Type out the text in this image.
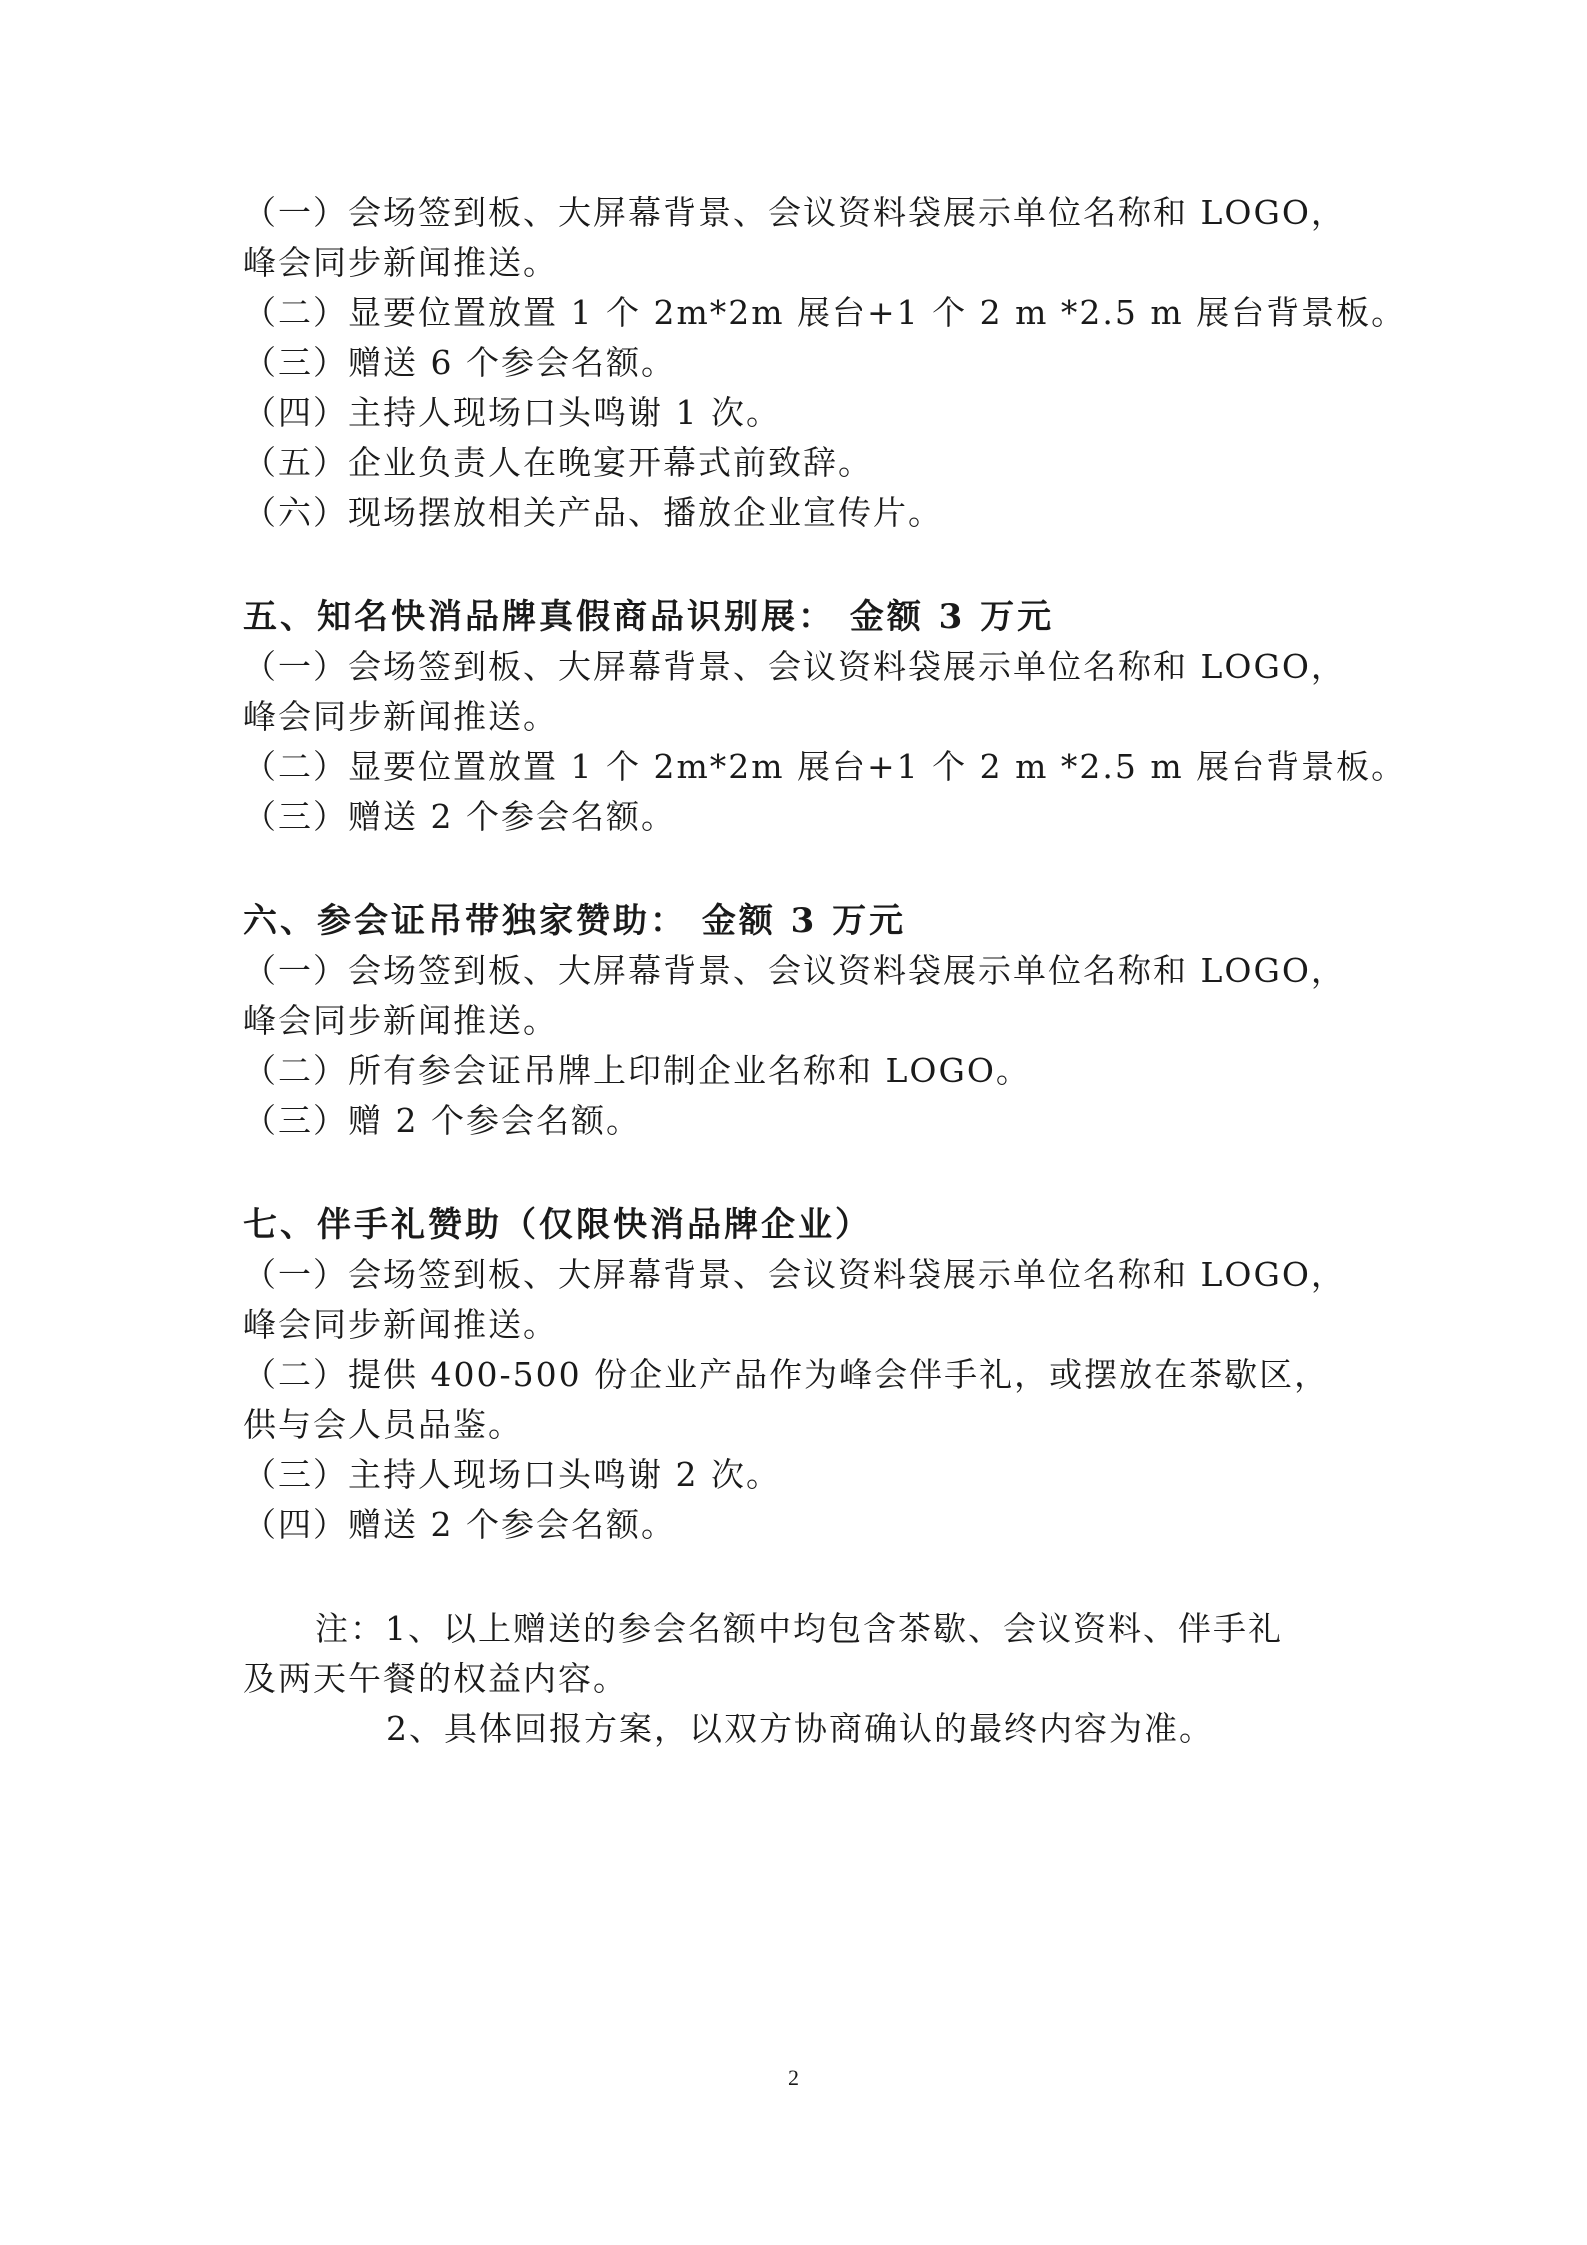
（一）会场签到板、大屏幕背景、会议资料袋展示单位名称和 LOGO，
峰会同步新闻推送。
（二）显要位置放置 1 个 2m*2m 展台+1 个 2 m *2.5 m 展台背景板。
（三）赠送 6 个参会名额。
（四）主持人现场口头鸣谢 1 次。
（五）企业负责人在晚宴开幕式前致辞。
（六）现场摆放相关产品、播放企业宣传片。
五、知名快消品牌真假商品识别展： 金额 3 万元
（一）会场签到板、大屏幕背景、会议资料袋展示单位名称和 LOGO，
峰会同步新闻推送。
（二）显要位置放置 1 个 2m*2m 展台+1 个 2 m *2.5 m 展台背景板。
（三）赠送 2 个参会名额。
六、参会证吊带独家赞助： 金额 3 万元
（一）会场签到板、大屏幕背景、会议资料袋展示单位名称和 LOGO，
峰会同步新闻推送。
（二）所有参会证吊牌上印制企业名称和 LOGO。
（三）赠 2 个参会名额。
七、伴手礼赞助（仅限快消品牌企业）
（一）会场签到板、大屏幕背景、会议资料袋展示单位名称和 LOGO，
峰会同步新闻推送。
（二）提供 400-500 份企业产品作为峰会伴手礼，或摆放在茶歇区，
供与会人员品鉴。
（三）主持人现场口头鸣谢 2 次。
（四）赠送 2 个参会名额。
注：1、以上赠送的参会名额中均包含茶歇、会议资料、伴手礼
及两天午餐的权益内容。
2、具体回报方案，以双方协商确认的最终内容为准。
2
